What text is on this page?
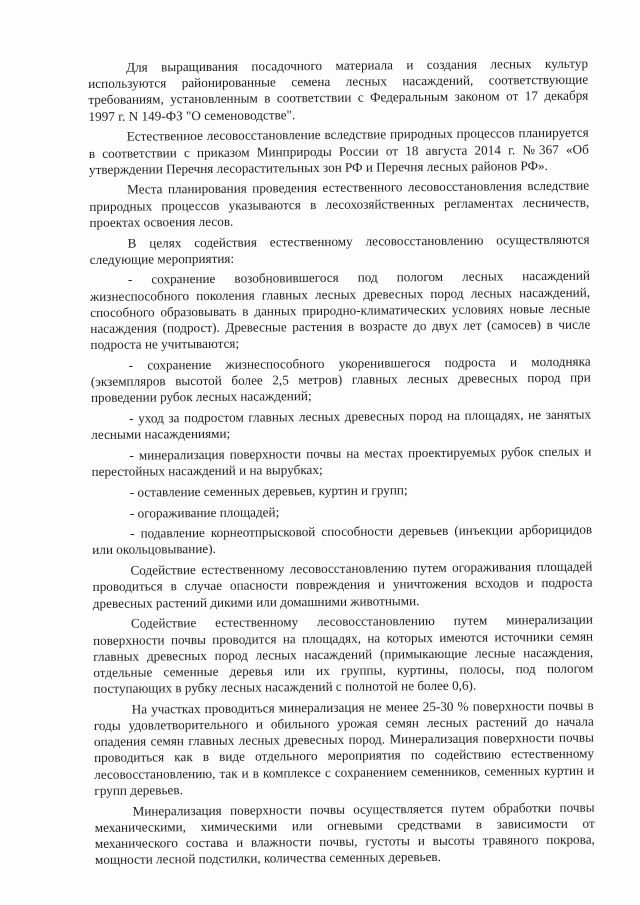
Для выращивания посадочного материала и создания лесных культур используются районированные семена лесных насаждений, соответствующие требованиям, установленным в соответствии с Федеральным законом от 17 декабря 1997 г. N 149-ФЗ "О семеноводстве".

Естественное лесовосстановление вследствие природных процессов планируется в соответствии с приказом Минприроды России от 18 августа 2014 г. №367 «Об утверждении Перечня лесорастительных зон РФ и Перечня лесных районов РФ».

Места планирования проведения естественного лесовосстановления вследствие природных процессов указываются в лесохозяйственных регламентах лесничеств, проектах освоения лесов.

В целях содействия естественному лесовосстановлению осуществляются следующие мероприятия:

- сохранение возобновившегося под пологом лесных насаждений жизнеспособного поколения главных лесных древесных пород лесных насаждений, способного образовывать в данных природно-климатических условиях новые лесные насаждения (подрост). Древесные растения в возрасте до двух лет (самосев) в числе подроста не учитываются;

- сохранение жизнеспособного укоренившегося подроста и молодняка (экземпляров высотой более 2,5 метров) главных лесных древесных пород при проведении рубок лесных насаждений;

- уход за подростом главных лесных древесных пород на площадях, не занятых лесными насаждениями;

- минерализация поверхности почвы на местах проектируемых рубок спелых и перестойных насаждений и на вырубках;

- оставление семенных деревьев, куртин и групп;

- огораживание площадей;

- подавление корнеотпрысковой способности деревьев (инъекции арборицидов или окольцовывание).

Содействие естественному лесовосстановлению путем огораживания площадей проводиться в случае опасности повреждения и уничтожения всходов и подроста древесных растений дикими или домашними животными.

Содействие естественному лесовосстановлению путем минерализации поверхности почвы проводится на площадях, на которых имеются источники семян главных древесных пород лесных насаждений (примыкающие лесные насаждения, отдельные семенные деревья или их группы, куртины, полосы, под пологом поступающих в рубку лесных насаждений с полнотой не более 0,6).

На участках проводиться минерализация не менее 25-30 % поверхности почвы в годы удовлетворительного и обильного урожая семян лесных растений до начала опадения семян главных лесных древесных пород. Минерализация поверхности почвы проводиться как в виде отдельного мероприятия по содействию естественному лесовосстановлению, так и в комплексе с сохранением семенников, семенных куртин и групп деревьев.

Минерализация поверхности почвы осуществляется путем обработки почвы механическими, химическими или огневыми средствами в зависимости от механического состава и влажности почвы, густоты и высоты травяного покрова, мощности лесной подстилки, количества семенных деревьев.
